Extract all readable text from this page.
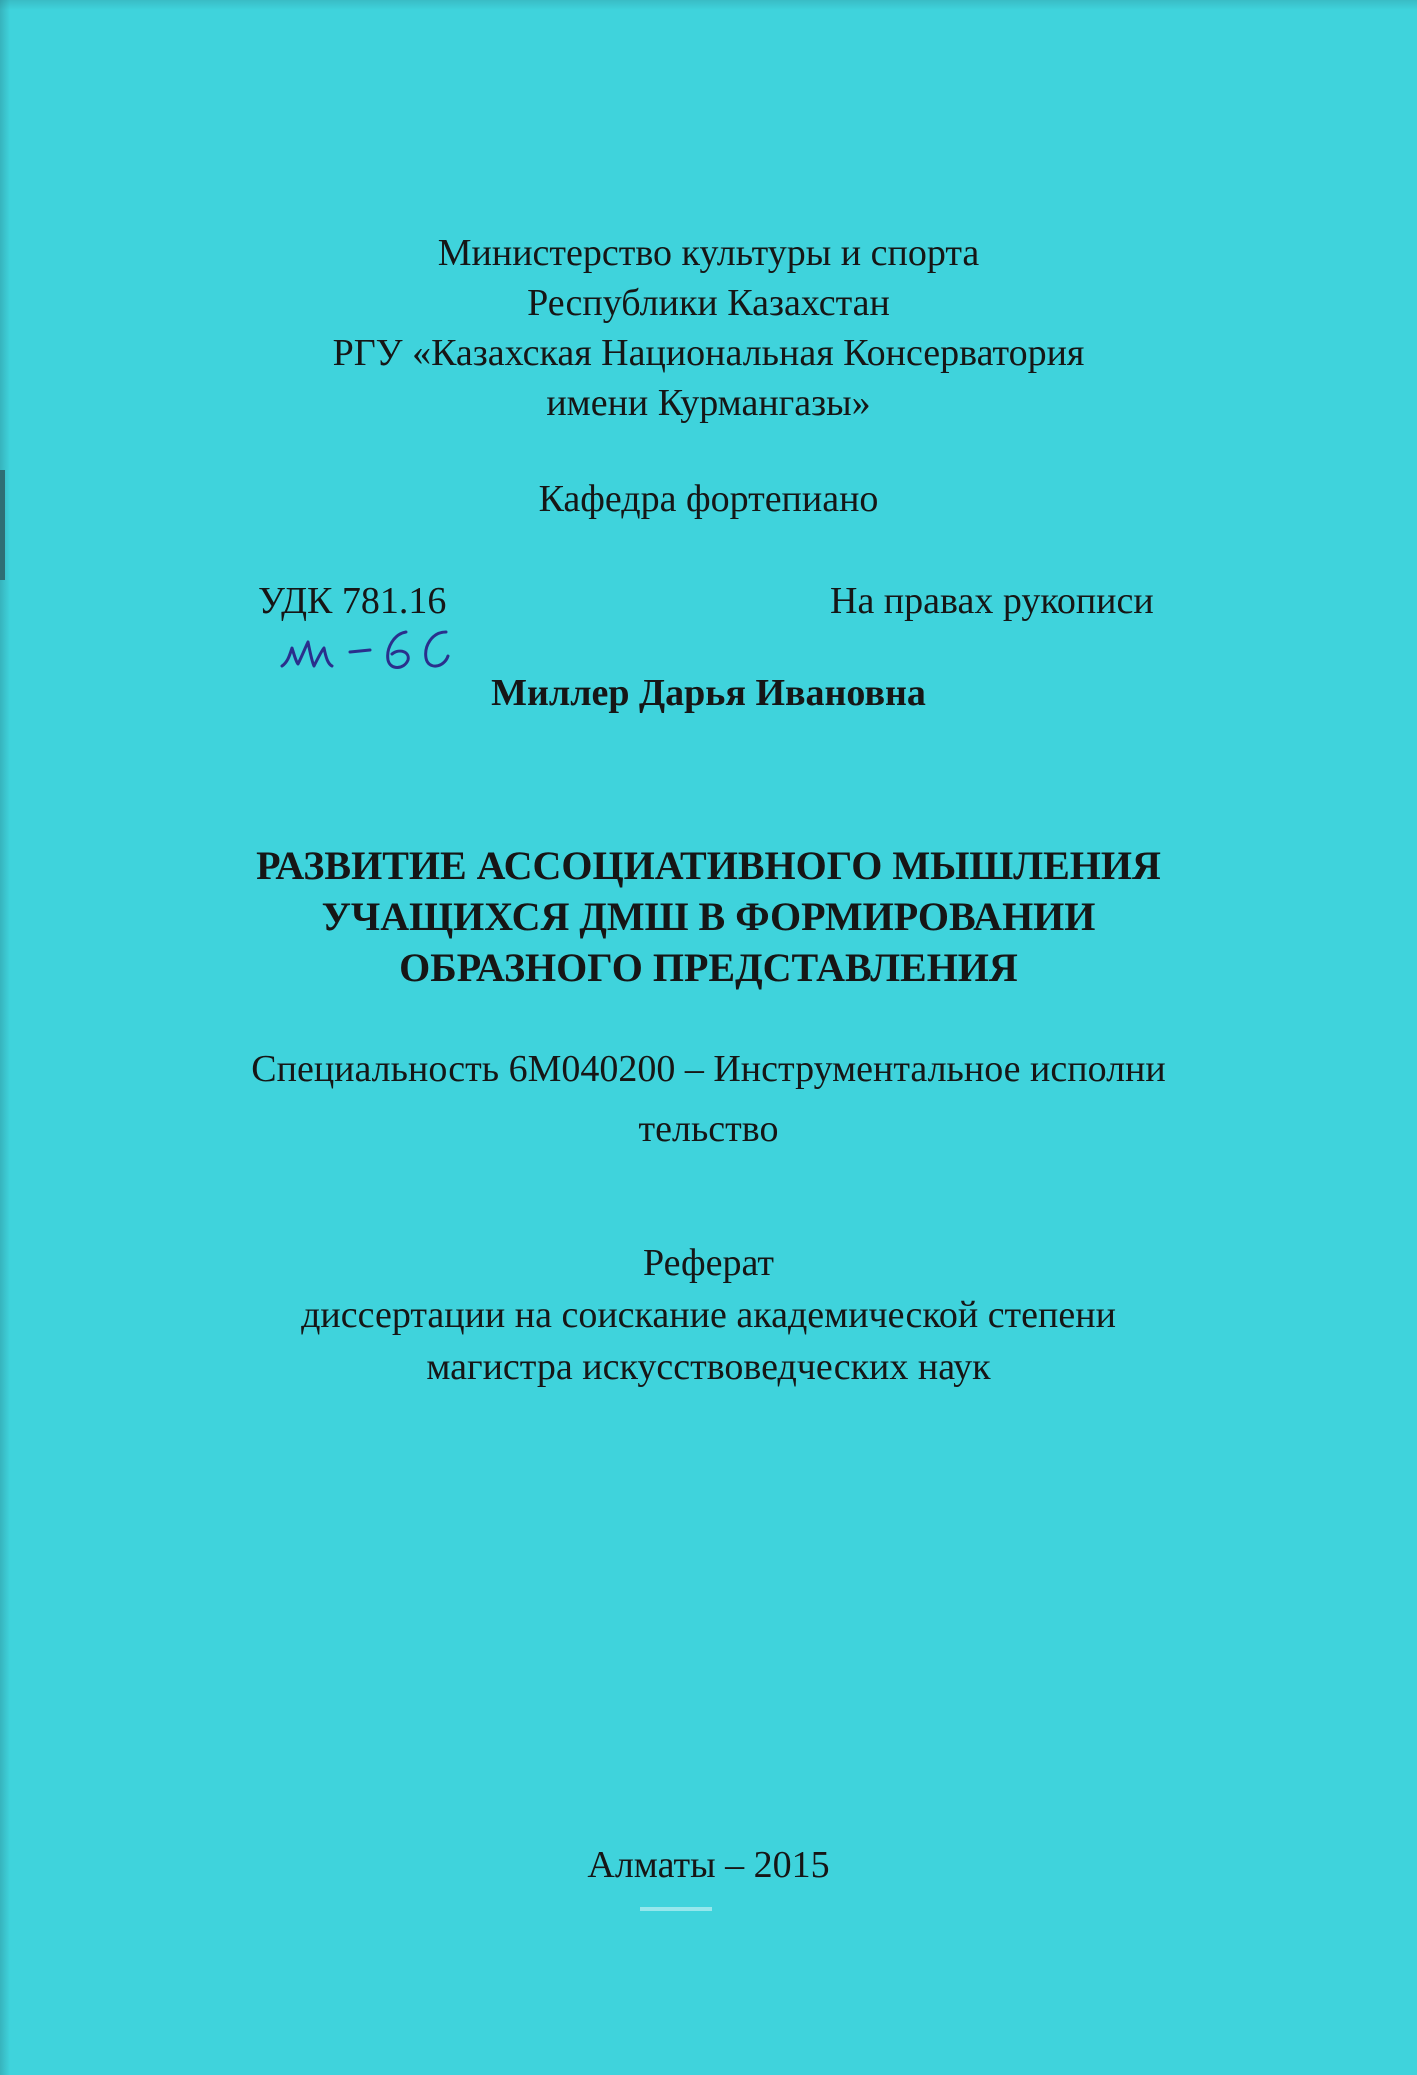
Министерство культуры и спорта
Республики Казахстан
РГУ «Казахская Национальная Консерватория
имени Курмангазы»
Кафедра фортепиано
УДК 781.16	На правах рукописи
Миллер Дарья Ивановна
РАЗВИТИЕ АССОЦИАТИВНОГО МЫШЛЕНИЯ
УЧАЩИХСЯ ДМШ В ФОРМИРОВАНИИ
ОБРАЗНОГО ПРЕДСТАВЛЕНИЯ
Специальность 6М040200 – Инструментальное исполни
тельство
Реферат
диссертации на соискание академической степени
магистра искусствоведческих наук
Алматы – 2015
